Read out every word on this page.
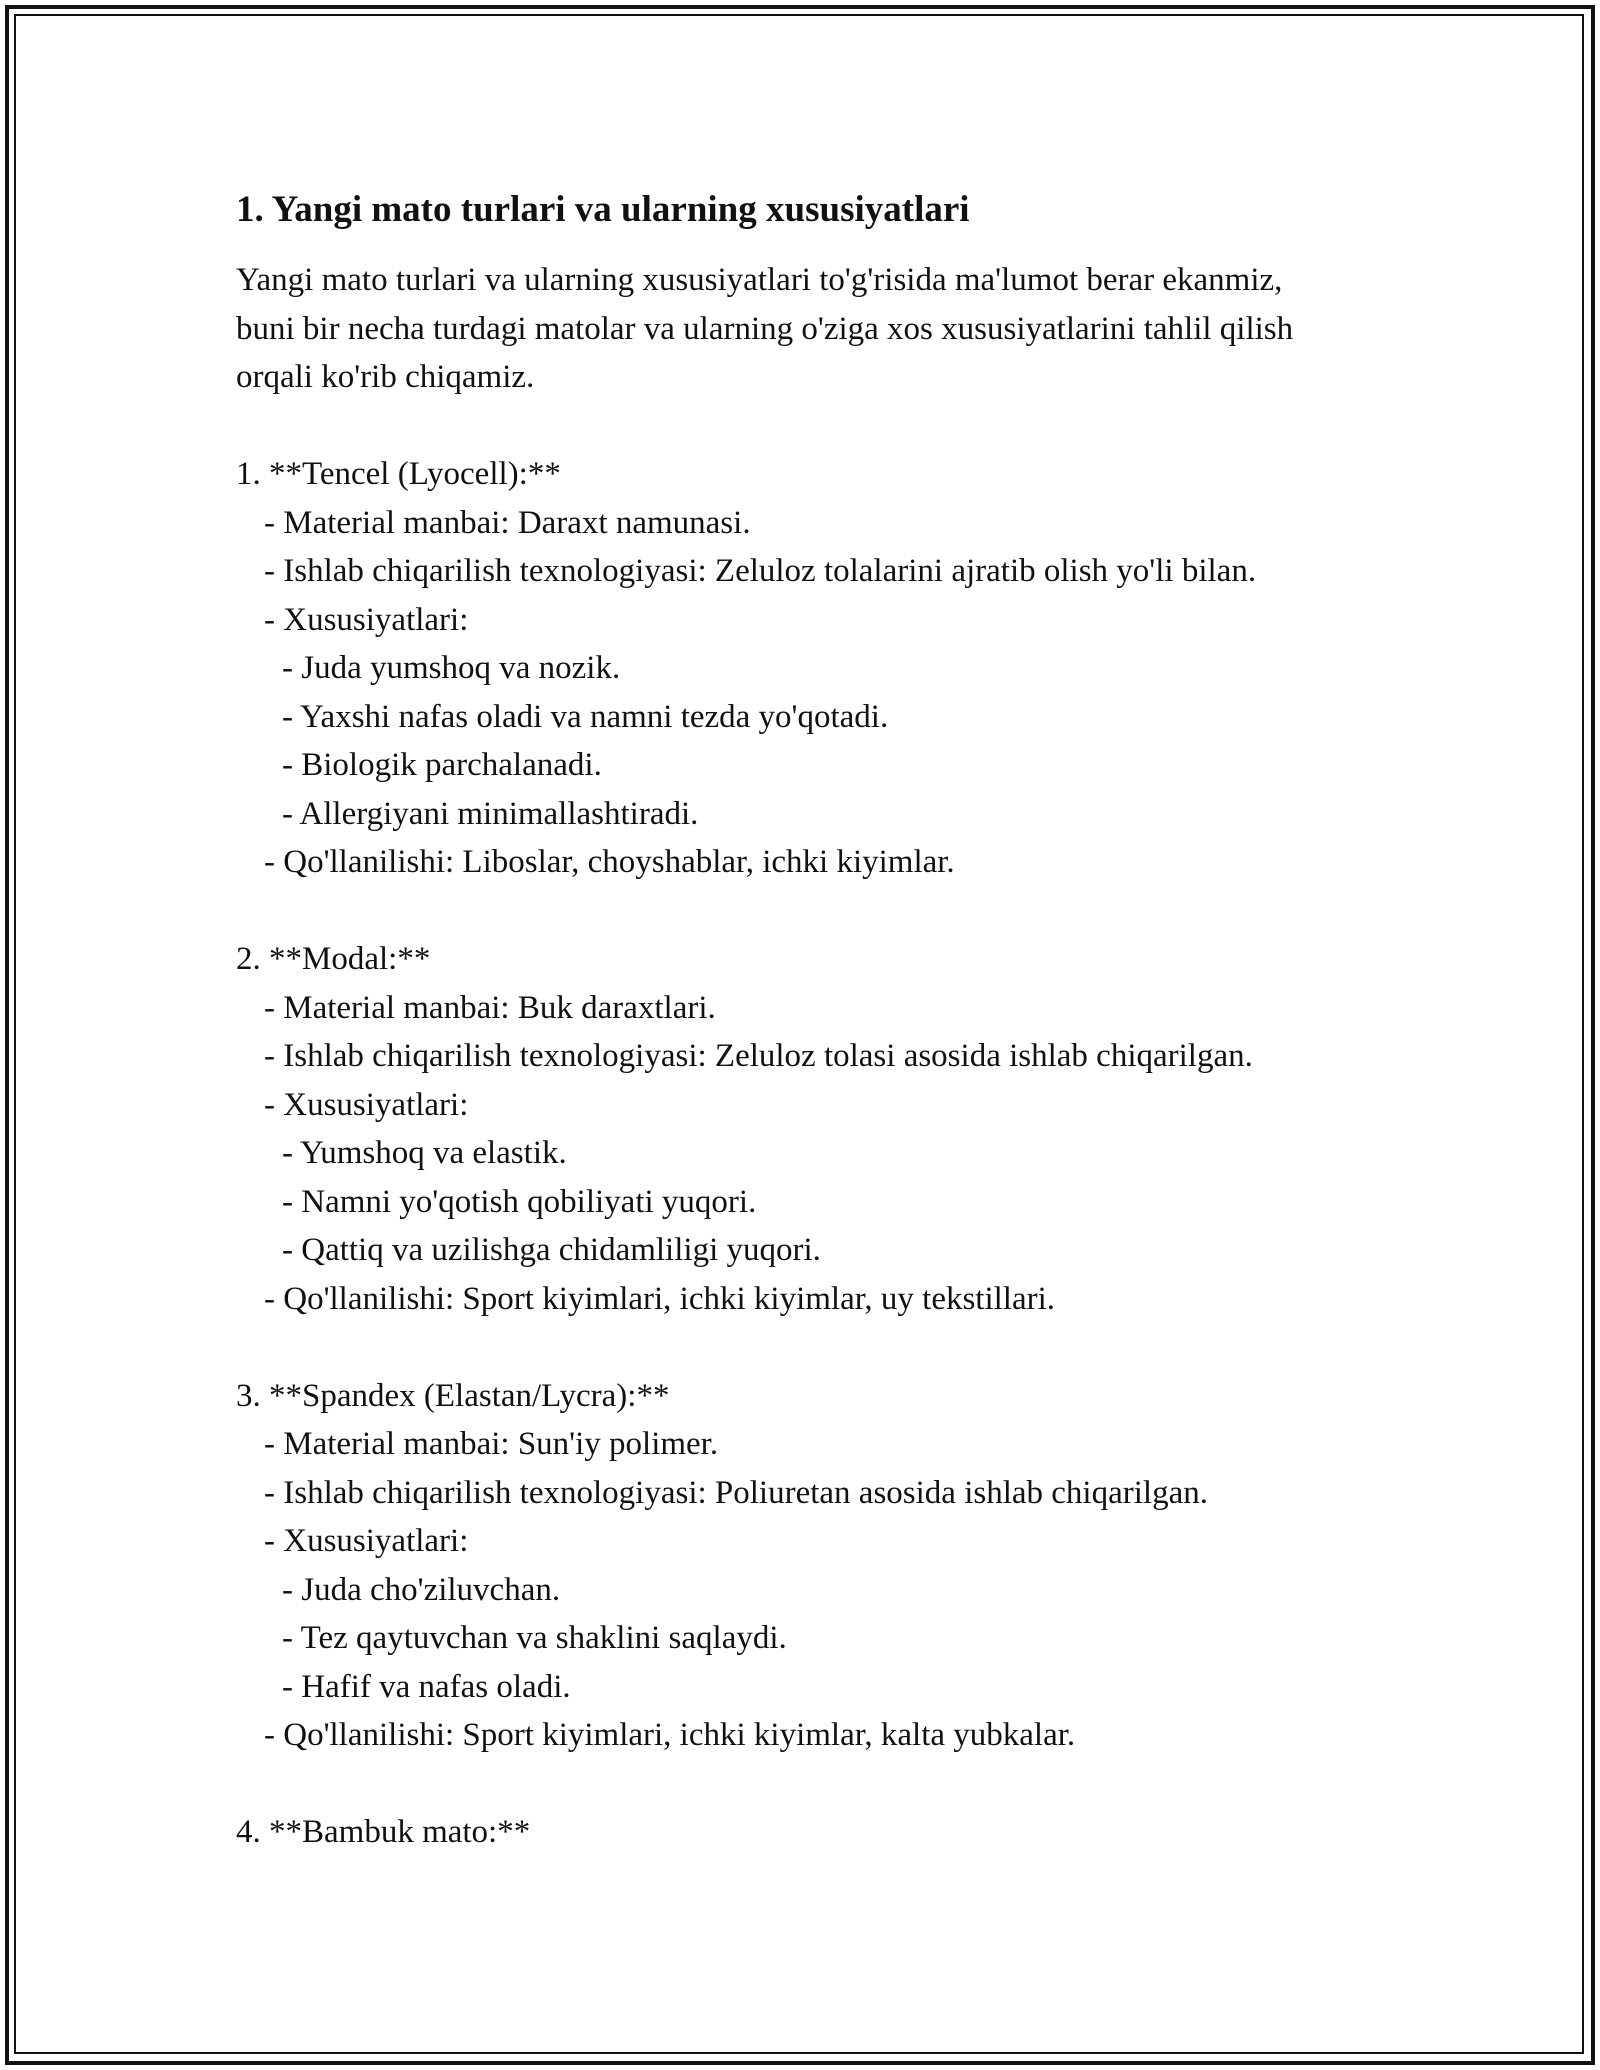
1. Yangi mato turlari va ularning xususiyatlari

Yangi mato turlari va ularning xususiyatlari to'g'risida ma'lumot berar ekanmiz, buni bir necha turdagi matolar va ularning o'ziga xos xususiyatlarini tahlil qilish orqali ko'rib chiqamiz.

1. **Tencel (Lyocell):**
- Material manbai: Daraxt namunasi.
- Ishlab chiqarilish texnologiyasi: Zeluloz tolalarini ajratib olish yo'li bilan.
- Xususiyatlari:
- Juda yumshoq va nozik.
- Yaxshi nafas oladi va namni tezda yo'qotadi.
- Biologik parchalanadi.
- Allergiyani minimallashtiradi.
- Qo'llanilishi: Liboslar, choyshablar, ichki kiyimlar.
2. **Modal:**
- Material manbai: Buk daraxtlari.
- Ishlab chiqarilish texnologiyasi: Zeluloz tolasi asosida ishlab chiqarilgan.
- Xususiyatlari:
- Yumshoq va elastik.
- Namni yo'qotish qobiliyati yuqori.
- Qattiq va uzilishga chidamliligi yuqori.
- Qo'llanilishi: Sport kiyimlari, ichki kiyimlar, uy tekstillari.
3. **Spandex (Elastan/Lycra):**
- Material manbai: Sun'iy polimer.
- Ishlab chiqarilish texnologiyasi: Poliuretan asosida ishlab chiqarilgan.
- Xususiyatlari:
- Juda cho'ziluvchan.
- Tez qaytuvchan va shaklini saqlaydi.
- Hafif va nafas oladi.
- Qo'llanilishi: Sport kiyimlari, ichki kiyimlar, kalta yubkalar.
4. **Bambuk mato:**
